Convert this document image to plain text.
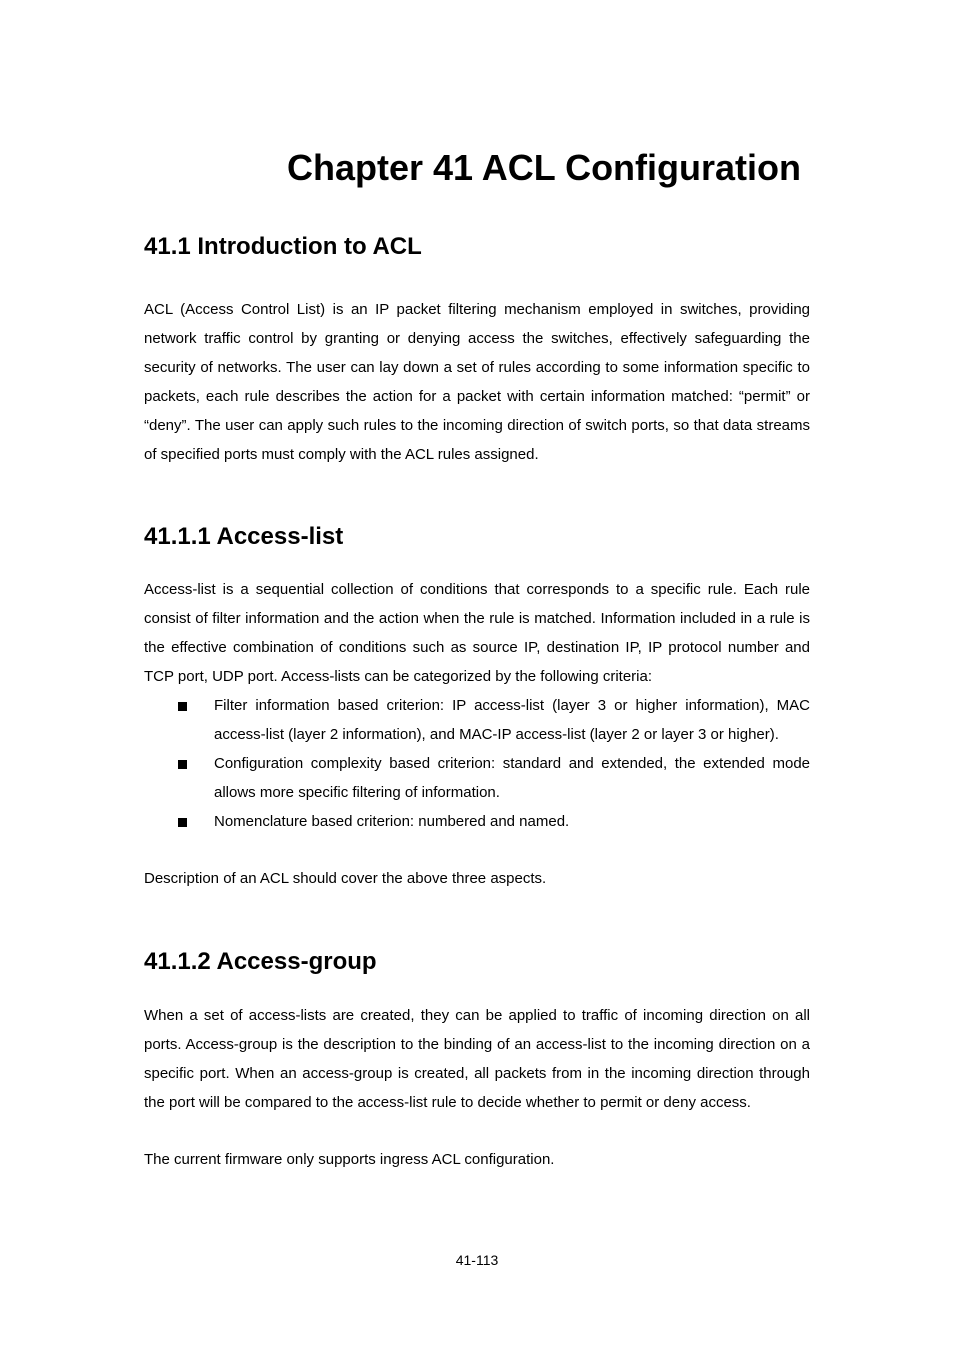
Chapter 41 ACL Configuration
41.1 Introduction to ACL

ACL (Access Control List) is an IP packet filtering mechanism employed in switches, providing network traffic control by granting or denying access the switches, effectively safeguarding the security of networks. The user can lay down a set of rules according to some information specific to packets, each rule describes the action for a packet with certain information matched: “permit” or “deny”. The user can apply such rules to the incoming direction of switch ports, so that data streams of specified ports must comply with the ACL rules assigned.

41.1.1 Access-list

Access-list is a sequential collection of conditions that corresponds to a specific rule. Each rule consist of filter information and the action when the rule is matched. Information included in a rule is the effective combination of conditions such as source IP, destination IP, IP protocol number and TCP port, UDP port. Access-lists can be categorized by the following criteria:

Filter information based criterion: IP access-list (layer 3 or higher information), MAC access-list (layer 2 information), and MAC-IP access-list (layer 2 or layer 3 or higher).
Configuration complexity based criterion: standard and extended, the extended mode allows more specific filtering of information.
Nomenclature based criterion: numbered and named.

Description of an ACL should cover the above three aspects.

41.1.2 Access-group

When a set of access-lists are created, they can be applied to traffic of incoming direction on all ports. Access-group is the description to the binding of an access-list to the incoming direction on a specific port. When an access-group is created, all packets from in the incoming direction through the port will be compared to the access-list rule to decide whether to permit or deny access.

The current firmware only supports ingress ACL configuration.

41-113
